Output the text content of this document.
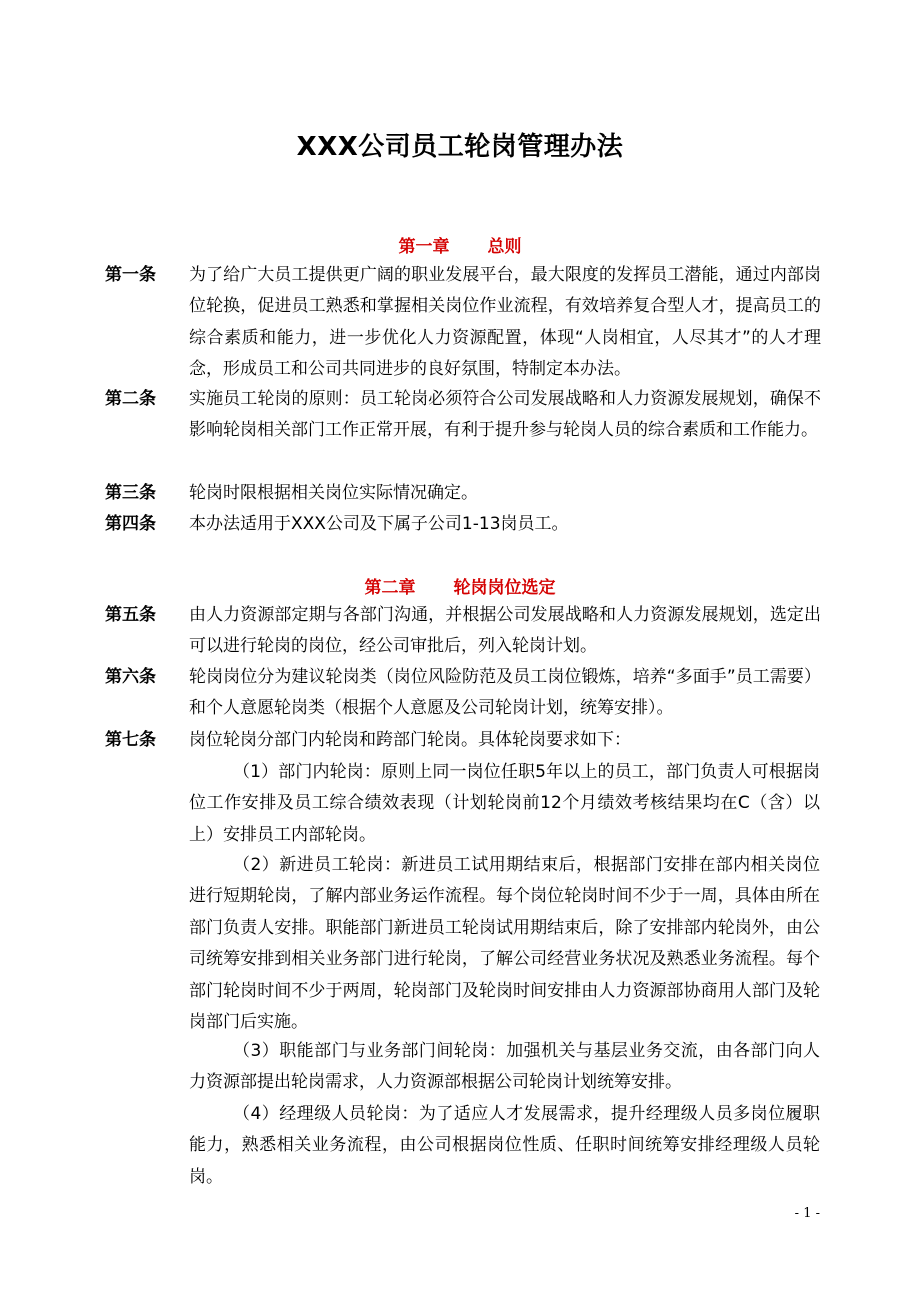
XXX公司员工轮岗管理办法
第一章 总则
第一条	为了给广大员工提供更广阔的职业发展平台，最大限度的发挥员工潜能，通过内部岗位轮换，促进员工熟悉和掌握相关岗位作业流程，有效培养复合型人才，提高员工的综合素质和能力，进一步优化人力资源配置，体现“人岗相宜，人尽其才”的人才理念，形成员工和公司共同进步的良好氛围，特制定本办法。
第二条	实施员工轮岗的原则：员工轮岗必须符合公司发展战略和人力资源发展规划，确保不影响轮岗相关部门工作正常开展，有利于提升参与轮岗人员的综合素质和工作能力。
第三条	轮岗时限根据相关岗位实际情况确定。
第四条	本办法适用于XXX公司及下属子公司1-13岗员工。
第二章 轮岗岗位选定
第五条	由人力资源部定期与各部门沟通，并根据公司发展战略和人力资源发展规划，选定出可以进行轮岗的岗位，经公司审批后，列入轮岗计划。
第六条	轮岗岗位分为建议轮岗类（岗位风险防范及员工岗位锻炼，培养“多面手”员工需要）和个人意愿轮岗类（根据个人意愿及公司轮岗计划，统筹安排）。
第七条	岗位轮岗分部门内轮岗和跨部门轮岗。具体轮岗要求如下：
（1）部门内轮岗：原则上同一岗位任职5年以上的员工，部门负责人可根据岗位工作安排及员工综合绩效表现（计划轮岗前12个月绩效考核结果均在C（含）以上）安排员工内部轮岗。
（2）新进员工轮岗：新进员工试用期结束后，根据部门安排在部内相关岗位进行短期轮岗，了解内部业务运作流程。每个岗位轮岗时间不少于一周，具体由所在部门负责人安排。职能部门新进员工轮岗试用期结束后，除了安排部内轮岗外，由公司统筹安排到相关业务部门进行轮岗，了解公司经营业务状况及熟悉业务流程。每个部门轮岗时间不少于两周，轮岗部门及轮岗时间安排由人力资源部协商用人部门及轮岗部门后实施。
（3）职能部门与业务部门间轮岗：加强机关与基层业务交流，由各部门向人力资源部提出轮岗需求，人力资源部根据公司轮岗计划统筹安排。
（4）经理级人员轮岗：为了适应人才发展需求，提升经理级人员多岗位履职能力，熟悉相关业务流程，由公司根据岗位性质、任职时间统筹安排经理级人员轮岗。
- 1 -
